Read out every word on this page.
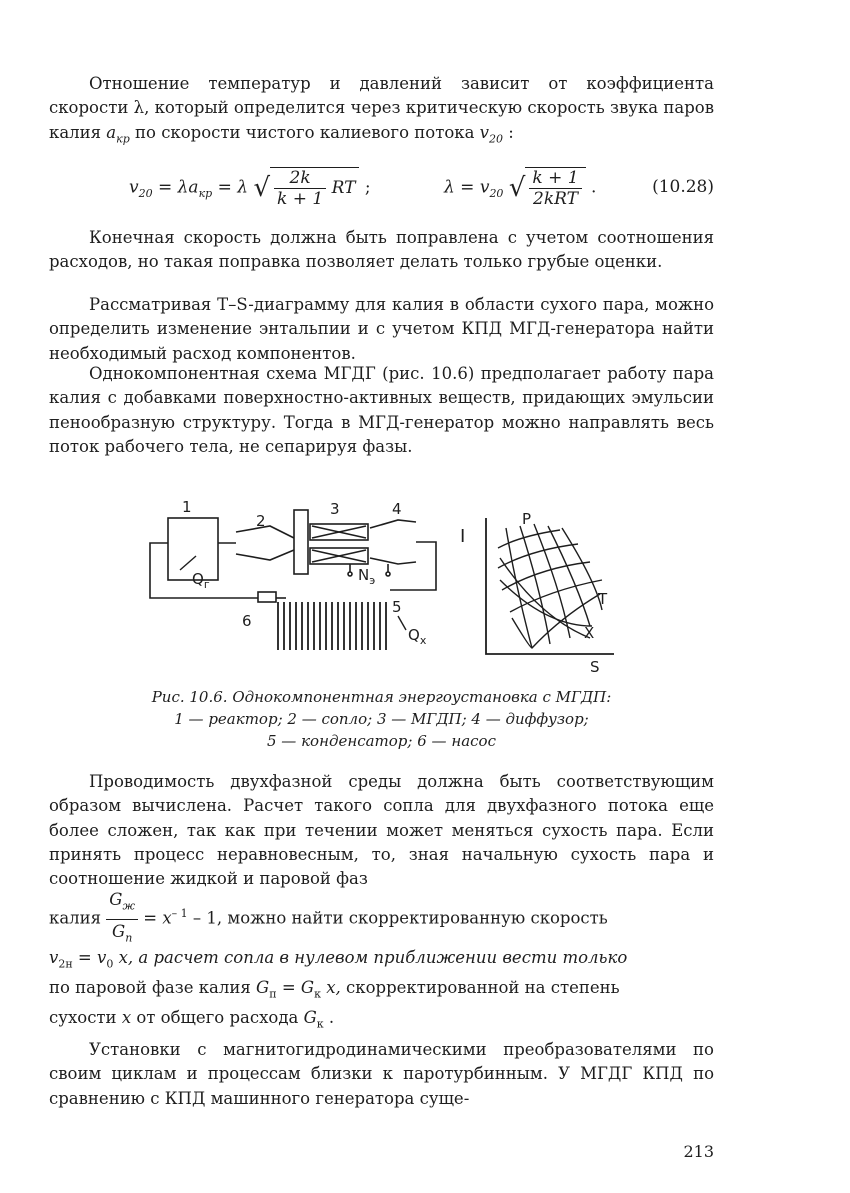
Отношение температур и давлений зависит от коэффициента скорости λ, который определится через критическую скорость звука паров калия $a_{кр}$ по скорости чистого калиевого потока $v_{20}$ :

$v_{20} = \lambda a_{кр} = \lambda$ √ $\frac{2k}{k + 1}$ RT ;	$\lambda = v_{20}$ √ $\frac{k + 1}{\text{2kRT}}$ .	(10.28)

Конечная скорость должна быть поправлена с учетом соотношения расходов, но такая поправка позволяет делать только грубые оценки.

Рассматривая T–S-диаграмму для калия в области сухого пара, можно определить изменение энтальпии и с учетом КПД МГД-генератора найти необходимый расход компонентов.

Однокомпонентная схема МГДГ (рис. 10.6) предполагает работу пара калия с добавками поверхностно-активных веществ, придающих эмульсии пенообразную структуру. Тогда в МГД-генератор можно направлять весь поток рабочего тела, не сепарируя фазы.

1
2
3	4
5
6
$Q_г$
$N_э$
$Q_х$
I
S
P
T
X
Рис. 10.6. Однокомпонентная энергоустановка с МГДП:
1 — реактор; 2 — сопло; 3 — МГДП; 4 — диффузор;
5 — конденсатор; 6 — насос

Проводимость двухфазной среды должна быть соответствующим образом вычислена. Расчет такого сопла для двухфазного потока еще более сложен, так как при течении может меняться сухость пара. Если принять процесс неравновесным, то, зная начальную сухость пара и соотношение жидкой и паровой фаз

калия $\frac{G_ж}{G_п} = x^{- 1} - 1$, можно найти скорректированную скорость

$v_{2н} = v_0$ x, а расчет сопла в нулевом приближении вести только

по паровой фазе калия $G_п = G_к$ x, скорректированной на степень

сухости x от общего расхода $G_к$ .

Установки с магнитогидродинамическими преобразователями по своим циклам и процессам близки к паротурбинным. У МГДГ КПД по сравнению с КПД машинного генератора суще-

213
